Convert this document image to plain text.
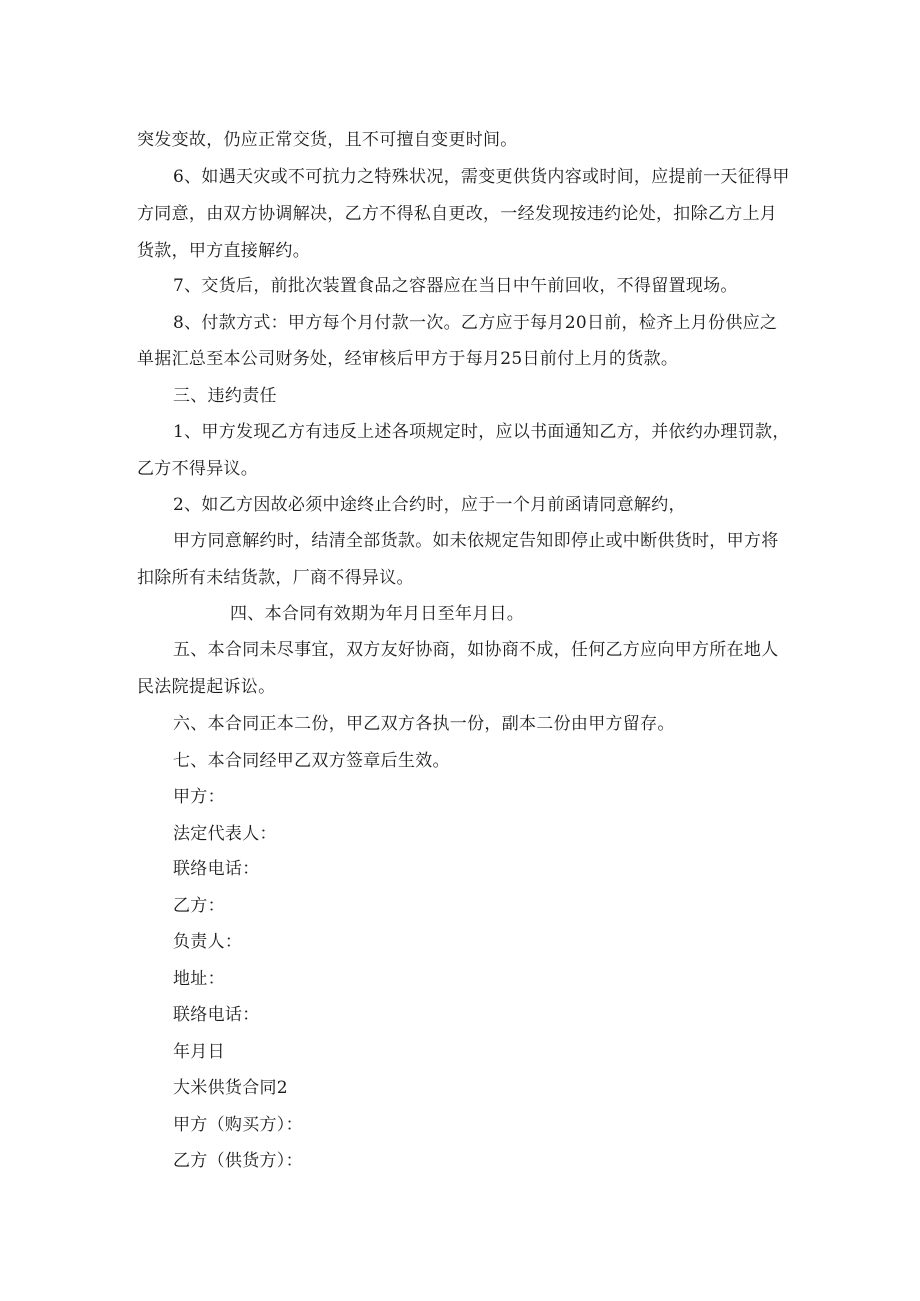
突发变故，仍应正常交货，且不可擅自变更时间。
6、如遇天灾或不可抗力之特殊状况，需变更供货内容或时间，应提前一天征得甲
方同意，由双方协调解决，乙方不得私自更改，一经发现按违约论处，扣除乙方上月
货款，甲方直接解约。
7、交货后，前批次装置食品之容器应在当日中午前回收，不得留置现场。
8、付款方式：甲方每个月付款一次。乙方应于每月20日前，检齐上月份供应之
单据汇总至本公司财务处，经审核后甲方于每月25日前付上月的货款。
三、违约责任
1、甲方发现乙方有违反上述各项规定时，应以书面通知乙方，并依约办理罚款，
乙方不得异议。
2、如乙方因故必须中途终止合约时，应于一个月前函请同意解约，
甲方同意解约时，结清全部货款。如未依规定告知即停止或中断供货时，甲方将
扣除所有未结货款，厂商不得异议。
四、本合同有效期为年月日至年月日。
五、本合同未尽事宜，双方友好协商，如协商不成，任何乙方应向甲方所在地人
民法院提起诉讼。
六、本合同正本二份，甲乙双方各执一份，副本二份由甲方留存。
七、本合同经甲乙双方签章后生效。
甲方：
法定代表人：
联络电话：
乙方：
负责人：
地址：
联络电话：
年月日
大米供货合同2
甲方（购买方）：
乙方（供货方）：
